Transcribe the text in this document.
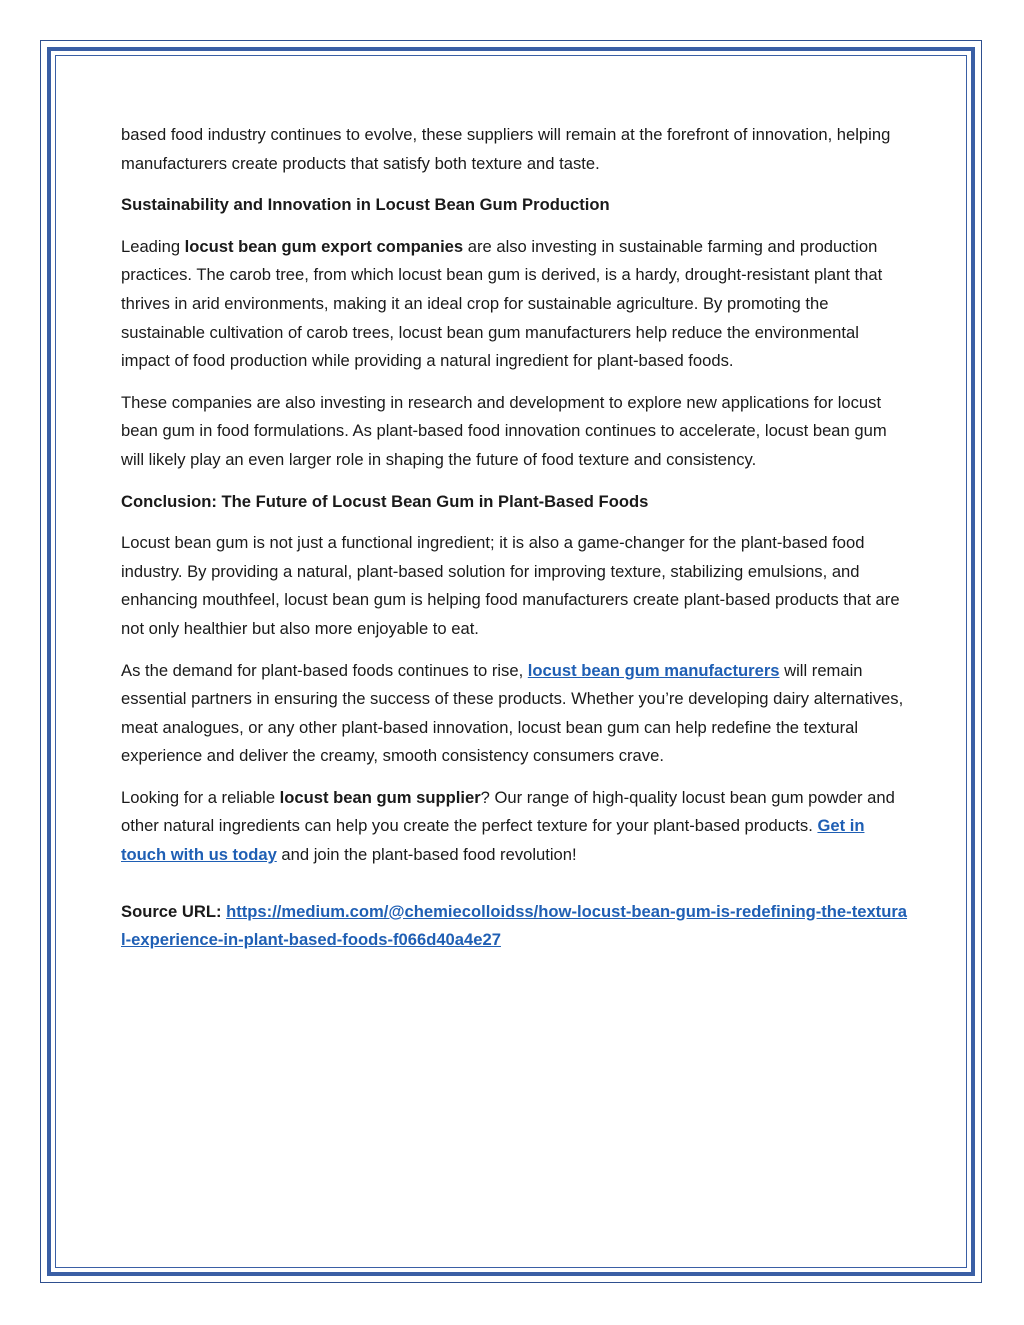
based food industry continues to evolve, these suppliers will remain at the forefront of innovation, helping manufacturers create products that satisfy both texture and taste.

Sustainability and Innovation in Locust Bean Gum Production

Leading locust bean gum export companies are also investing in sustainable farming and production practices. The carob tree, from which locust bean gum is derived, is a hardy, drought-resistant plant that thrives in arid environments, making it an ideal crop for sustainable agriculture. By promoting the sustainable cultivation of carob trees, locust bean gum manufacturers help reduce the environmental impact of food production while providing a natural ingredient for plant-based foods.

These companies are also investing in research and development to explore new applications for locust bean gum in food formulations. As plant-based food innovation continues to accelerate, locust bean gum will likely play an even larger role in shaping the future of food texture and consistency.

Conclusion: The Future of Locust Bean Gum in Plant-Based Foods

Locust bean gum is not just a functional ingredient; it is also a game-changer for the plant-based food industry. By providing a natural, plant-based solution for improving texture, stabilizing emulsions, and enhancing mouthfeel, locust bean gum is helping food manufacturers create plant-based products that are not only healthier but also more enjoyable to eat.

As the demand for plant-based foods continues to rise, locust bean gum manufacturers will remain essential partners in ensuring the success of these products. Whether you’re developing dairy alternatives, meat analogues, or any other plant-based innovation, locust bean gum can help redefine the textural experience and deliver the creamy, smooth consistency consumers crave.

Looking for a reliable locust bean gum supplier? Our range of high-quality locust bean gum powder and other natural ingredients can help you create the perfect texture for your plant-based products. Get in touch with us today and join the plant-based food revolution!

Source URL: https://medium.com/@chemiecolloidss/how-locust-bean-gum-is-redefining-the-textural-experience-in-plant-based-foods-f066d40a4e27
